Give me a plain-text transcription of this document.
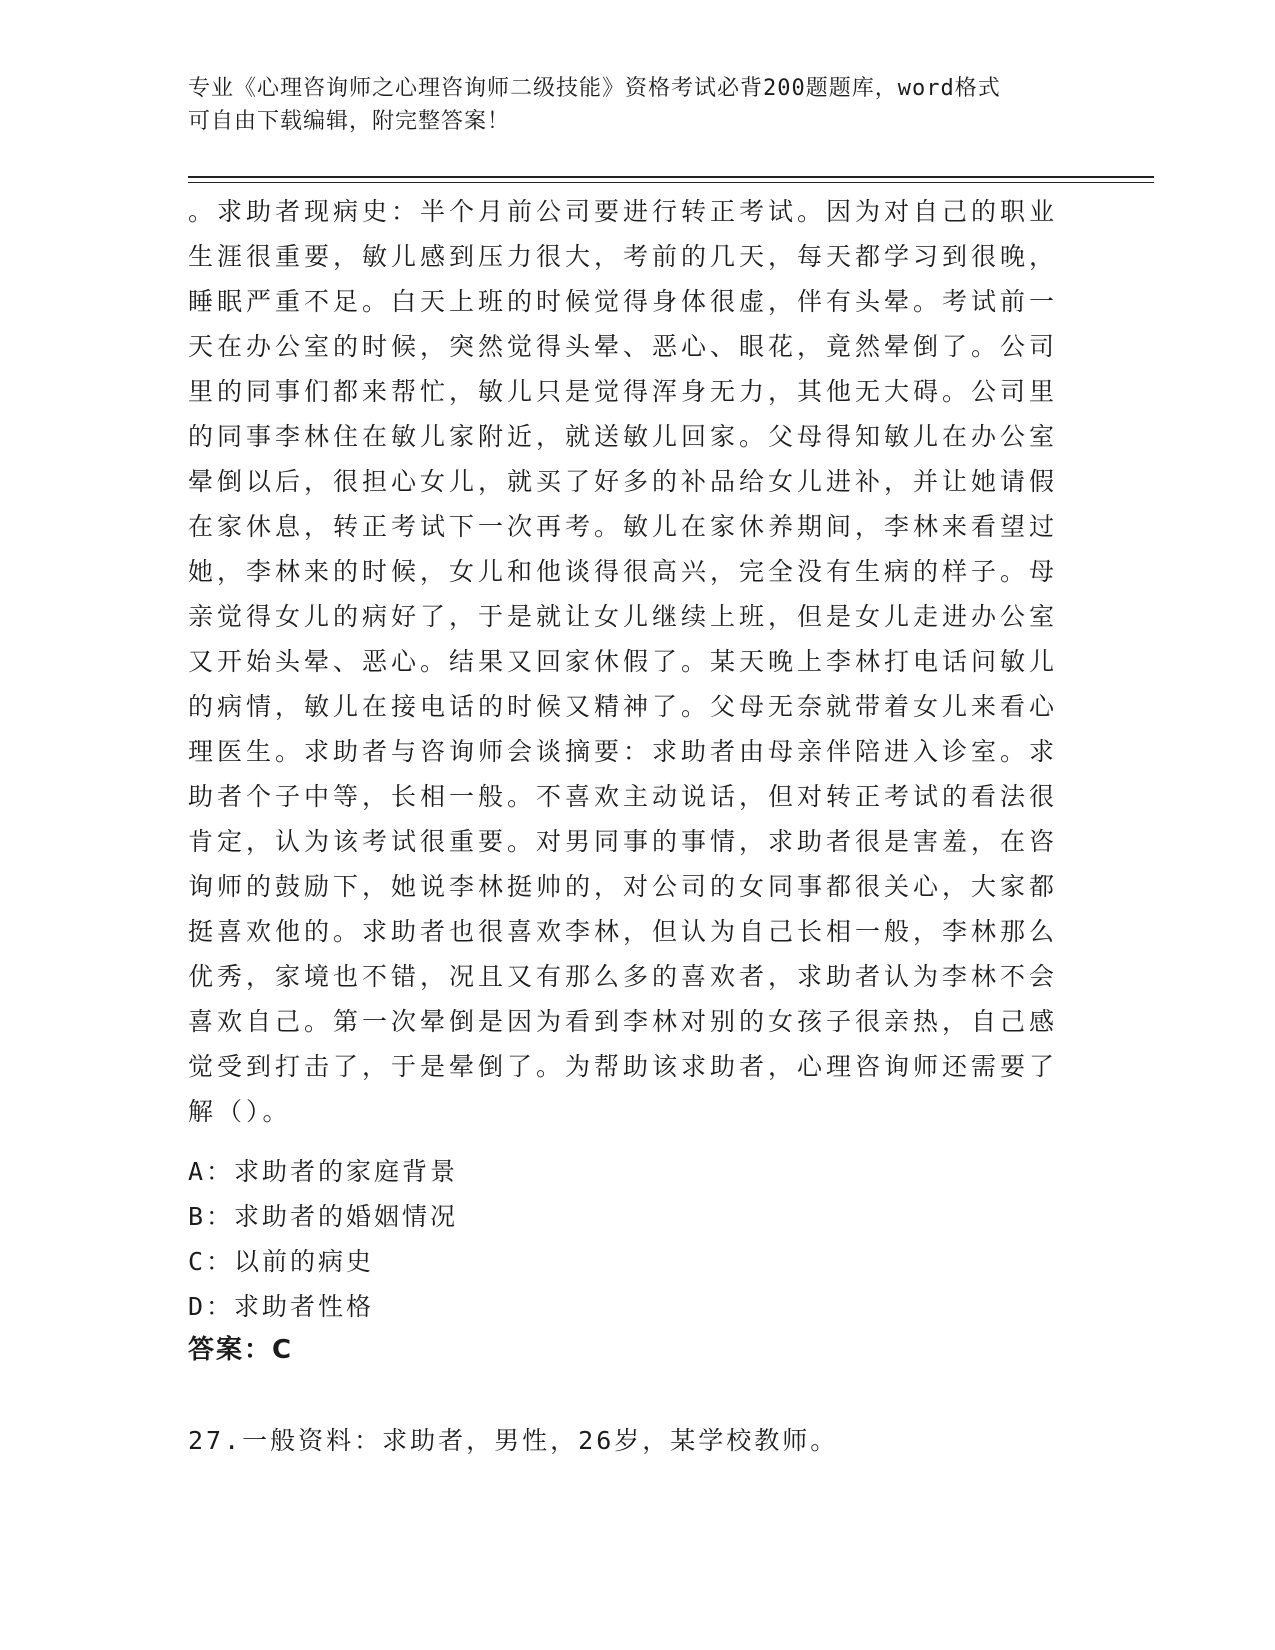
专业《心理咨询师之心理咨询师二级技能》资格考试必背200题题库，word格式
可自由下载编辑，附完整答案！
。求助者现病史：半个月前公司要进行转正考试。因为对自己的职业
生涯很重要，敏儿感到压力很大，考前的几天，每天都学习到很晚，
睡眠严重不足。白天上班的时候觉得身体很虚，伴有头晕。考试前一
天在办公室的时候，突然觉得头晕、恶心、眼花，竟然晕倒了。公司
里的同事们都来帮忙，敏儿只是觉得浑身无力，其他无大碍。公司里
的同事李林住在敏儿家附近，就送敏儿回家。父母得知敏儿在办公室
晕倒以后，很担心女儿，就买了好多的补品给女儿进补，并让她请假
在家休息，转正考试下一次再考。敏儿在家休养期间，李林来看望过
她，李林来的时候，女儿和他谈得很高兴，完全没有生病的样子。母
亲觉得女儿的病好了，于是就让女儿继续上班，但是女儿走进办公室
又开始头晕、恶心。结果又回家休假了。某天晚上李林打电话问敏儿
的病情，敏儿在接电话的时候又精神了。父母无奈就带着女儿来看心
理医生。求助者与咨询师会谈摘要：求助者由母亲伴陪进入诊室。求
助者个子中等，长相一般。不喜欢主动说话，但对转正考试的看法很
肯定，认为该考试很重要。对男同事的事情，求助者很是害羞，在咨
询师的鼓励下，她说李林挺帅的，对公司的女同事都很关心，大家都
挺喜欢他的。求助者也很喜欢李林，但认为自己长相一般，李林那么
优秀，家境也不错，况且又有那么多的喜欢者，求助者认为李林不会
喜欢自己。第一次晕倒是因为看到李林对别的女孩子很亲热，自己感
觉受到打击了，于是晕倒了。为帮助该求助者，心理咨询师还需要了
解（）。
A：求助者的家庭背景
B：求助者的婚姻情况
C：以前的病史
D：求助者性格
答案：C
27.一般资料：求助者，男性，26岁，某学校教师。
